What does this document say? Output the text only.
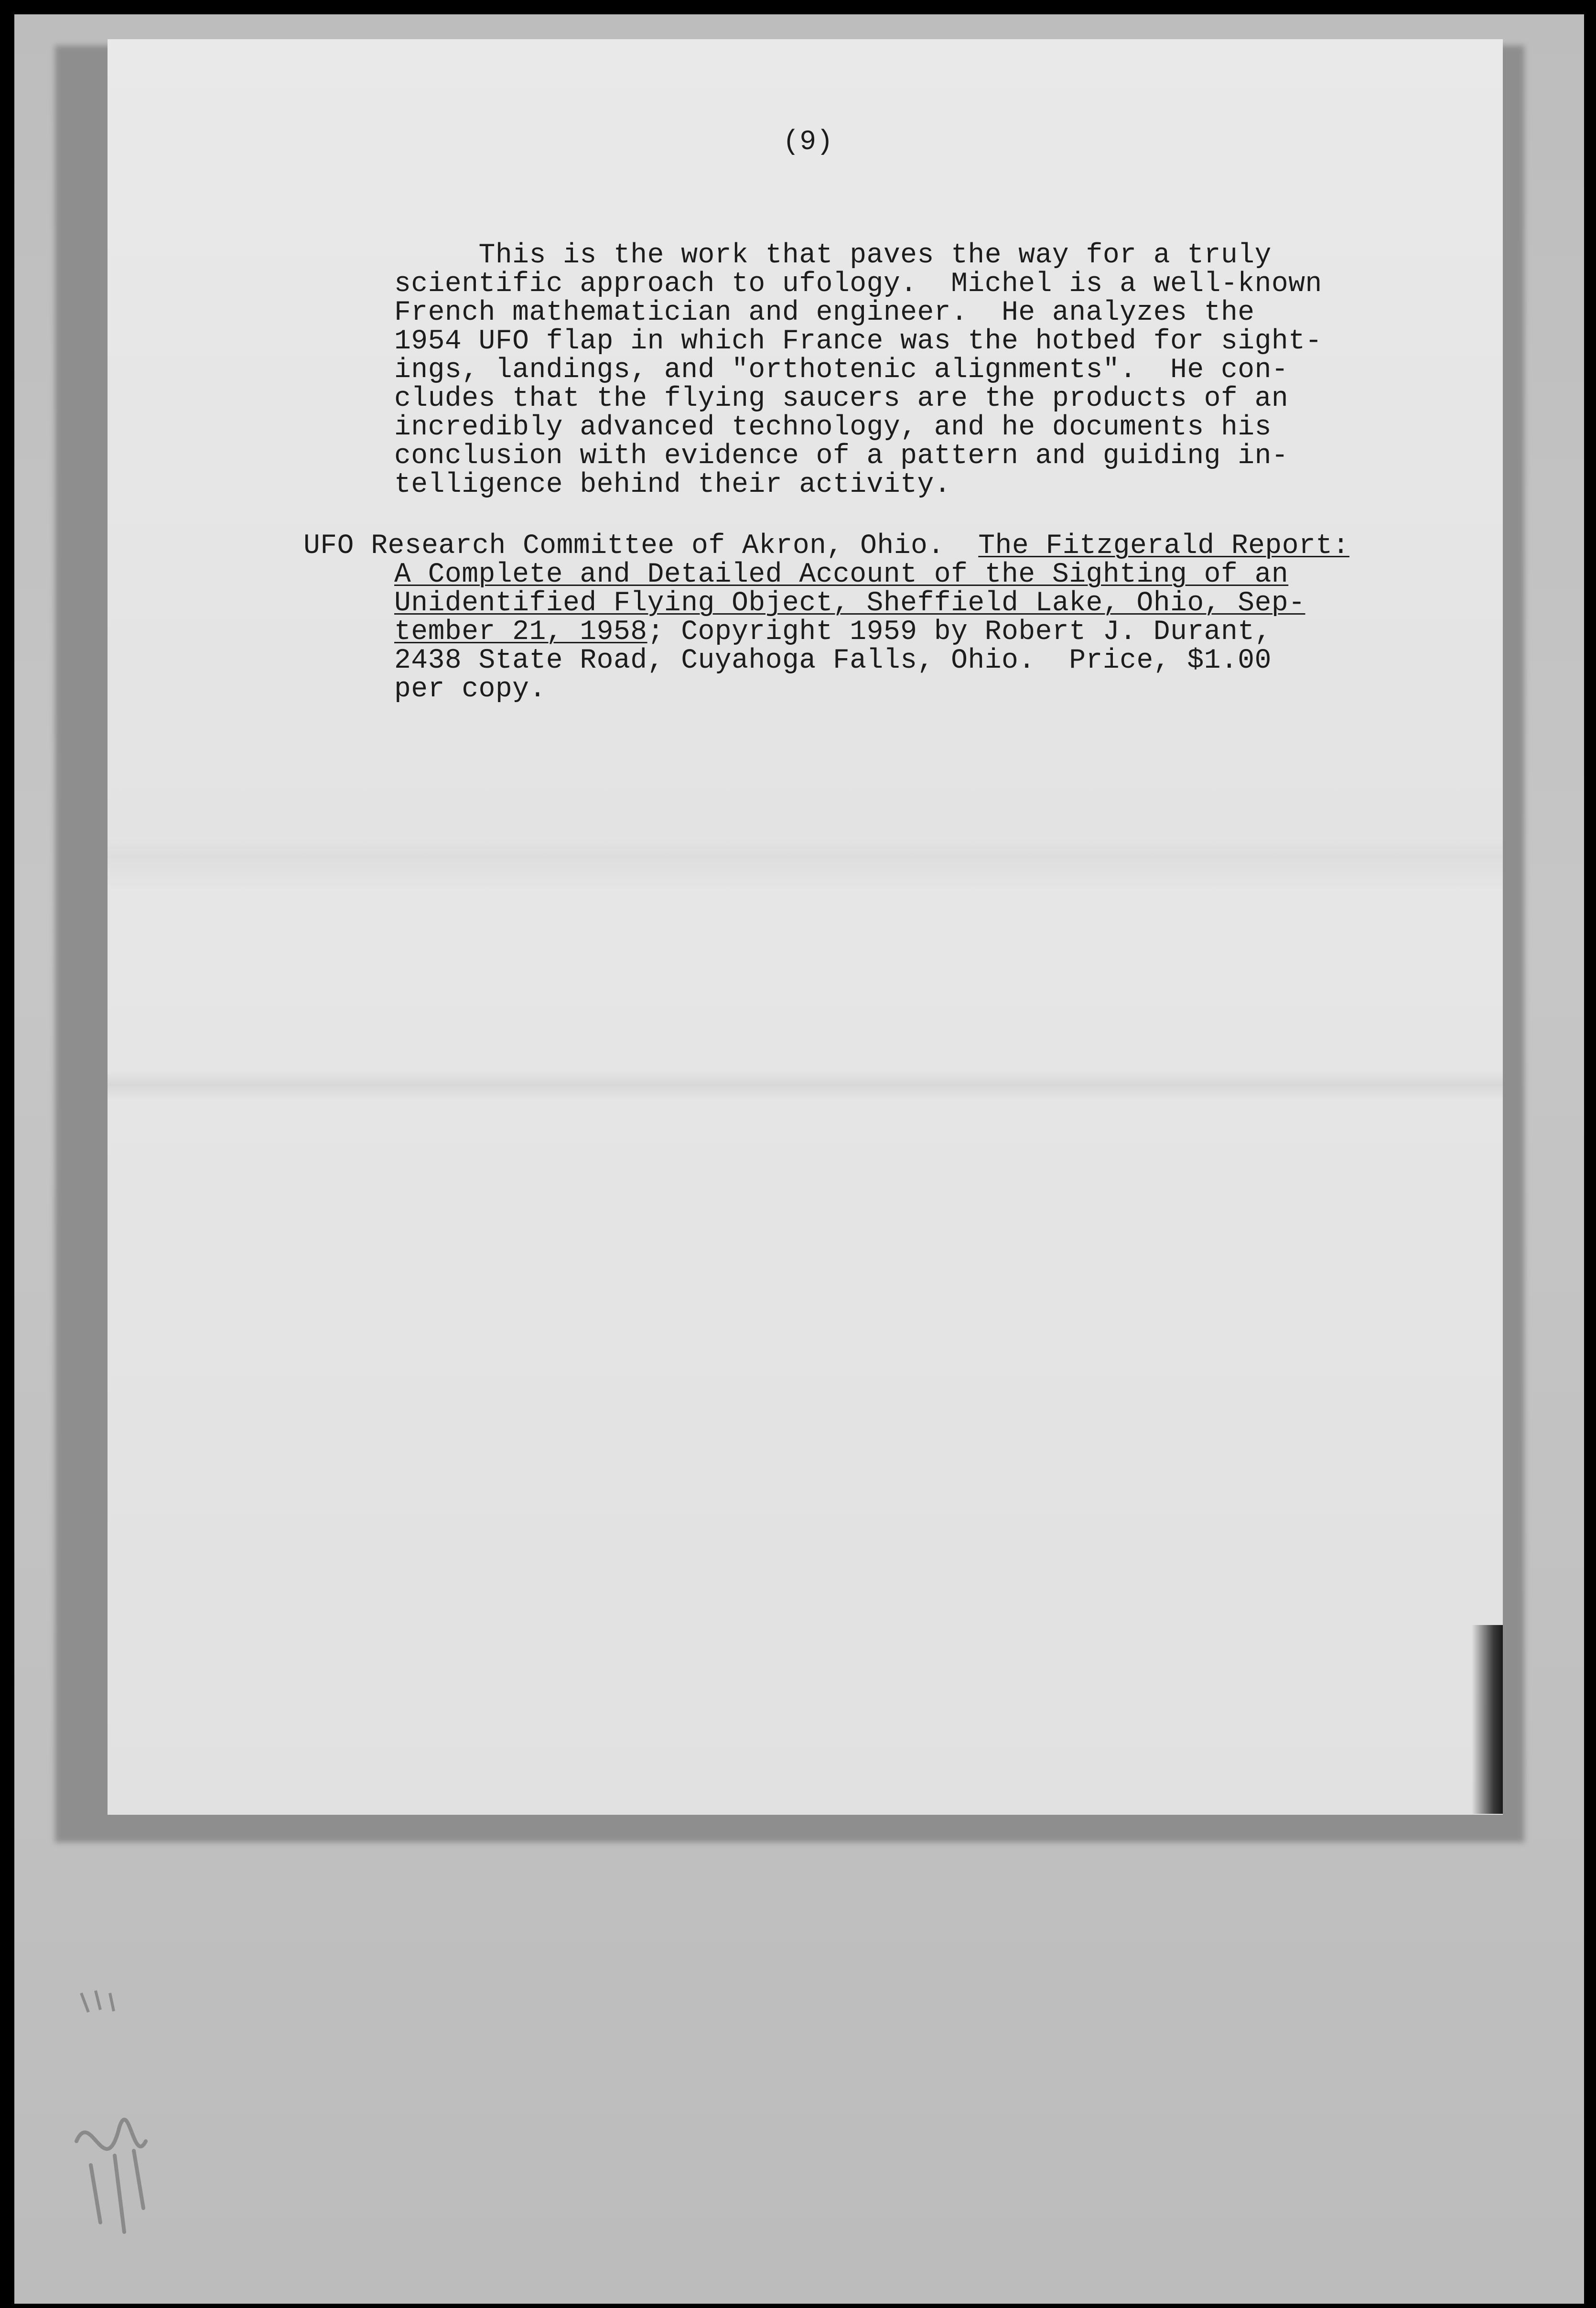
(9)
This is the work that paves the way for a truly
scientific approach to ufology.  Michel is a well-known
French mathematician and engineer.  He analyzes the
1954 UFO flap in which France was the hotbed for sight-
ings, landings, and "orthotenic alignments".  He con-
cludes that the flying saucers are the products of an
incredibly advanced technology, and he documents his
conclusion with evidence of a pattern and guiding in-
telligence behind their activity.
UFO Research Committee of Akron, Ohio.  The Fitzgerald Report:
A Complete and Detailed Account of the Sighting of an
Unidentified Flying Object, Sheffield Lake, Ohio, Sep-
tember 21, 1958; Copyright 1959 by Robert J. Durant,
2438 State Road, Cuyahoga Falls, Ohio.  Price, $1.00
per copy.
